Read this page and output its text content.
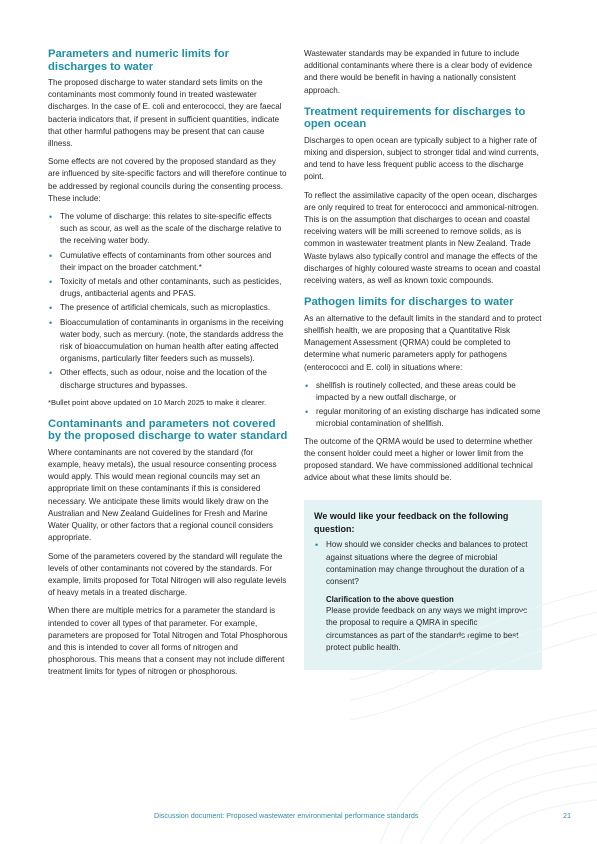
Parameters and numeric limits for discharges to water

The proposed discharge to water standard sets limits on the contaminants most commonly found in treated wastewater discharges. In the case of E. coli and enterococci, they are faecal bacteria indicators that, if present in sufficient quantities, indicate that other harmful pathogens may be present that can cause illness.

Some effects are not covered by the proposed standard as they are influenced by site-specific factors and will therefore continue to be addressed by regional councils during the consenting process. These include:

• The volume of discharge: this relates to site-specific effects such as scour, as well as the scale of the discharge relative to the receiving water body.
• Cumulative effects of contaminants from other sources and their impact on the broader catchment.*
• Toxicity of metals and other contaminants, such as pesticides, drugs, antibacterial agents and PFAS.
• The presence of artificial chemicals, such as microplastics.
• Bioaccumulation of contaminants in organisms in the receiving water body, such as mercury. (note, the standards address the risk of bioaccumulation on human health after eating affected organisms, particularly filter feeders such as mussels).
• Other effects, such as odour, noise and the location of the discharge structures and bypasses.

*Bullet point above updated on 10 March 2025 to make it clearer.

Contaminants and parameters not covered by the proposed discharge to water standard

Where contaminants are not covered by the standard (for example, heavy metals), the usual resource consenting process would apply. This would mean regional councils may set an appropriate limit on these contaminants if this is considered necessary. We anticipate these limits would likely draw on the Australian and New Zealand Guidelines for Fresh and Marine Water Quality, or other factors that a regional council considers appropriate.

Some of the parameters covered by the standard will regulate the levels of other contaminants not covered by the standards. For example, limits proposed for Total Nitrogen will also regulate levels of heavy metals in a treated discharge.

When there are multiple metrics for a parameter the standard is intended to cover all types of that parameter. For example, parameters are proposed for Total Nitrogen and Total Phosphorous and this is intended to cover all forms of nitrogen and phosphorous. This means that a consent may not include different treatment limits for types of nitrogen or phosphorous.

Wastewater standards may be expanded in future to include additional contaminants where there is a clear body of evidence and there would be benefit in having a nationally consistent approach.

Treatment requirements for discharges to open ocean

Discharges to open ocean are typically subject to a higher rate of mixing and dispersion, subject to stronger tidal and wind currents, and tend to have less frequent public access to the discharge point.

To reflect the assimilative capacity of the open ocean, discharges are only required to treat for enterococci and ammonical-nitrogen. This is on the assumption that discharges to ocean and coastal receiving waters will be milli screened to remove solids, as is common in wastewater treatment plants in New Zealand. Trade Waste bylaws also typically control and manage the effects of the discharges of highly coloured waste streams to ocean and coastal receiving waters, as well as known toxic compounds.

Pathogen limits for discharges to water

As an alternative to the default limits in the standard and to protect shellfish health, we are proposing that a Quantitative Risk Management Assessment (QRMA) could be completed to determine what numeric parameters apply for pathogens (enterococci and E. coli) in situations where:

• shellfish is routinely collected, and these areas could be impacted by a new outfall discharge, or
• regular monitoring of an existing discharge has indicated some microbial contamination of shellfish.

The outcome of the QRMA would be used to determine whether the consent holder could meet a higher or lower limit from the proposed standard. We have commissioned additional technical advice about what these limits should be.

We would like your feedback on the following question:
• How should we consider checks and balances to protect against situations where the degree of microbial contamination may change throughout the duration of a consent?
Clarification to the above question

Please provide feedback on any ways we might improve the proposal to require a QMRA in specific circumstances as part of the standards regime to best protect public health.

Discussion document: Proposed wastewater environmental performance standards	21
